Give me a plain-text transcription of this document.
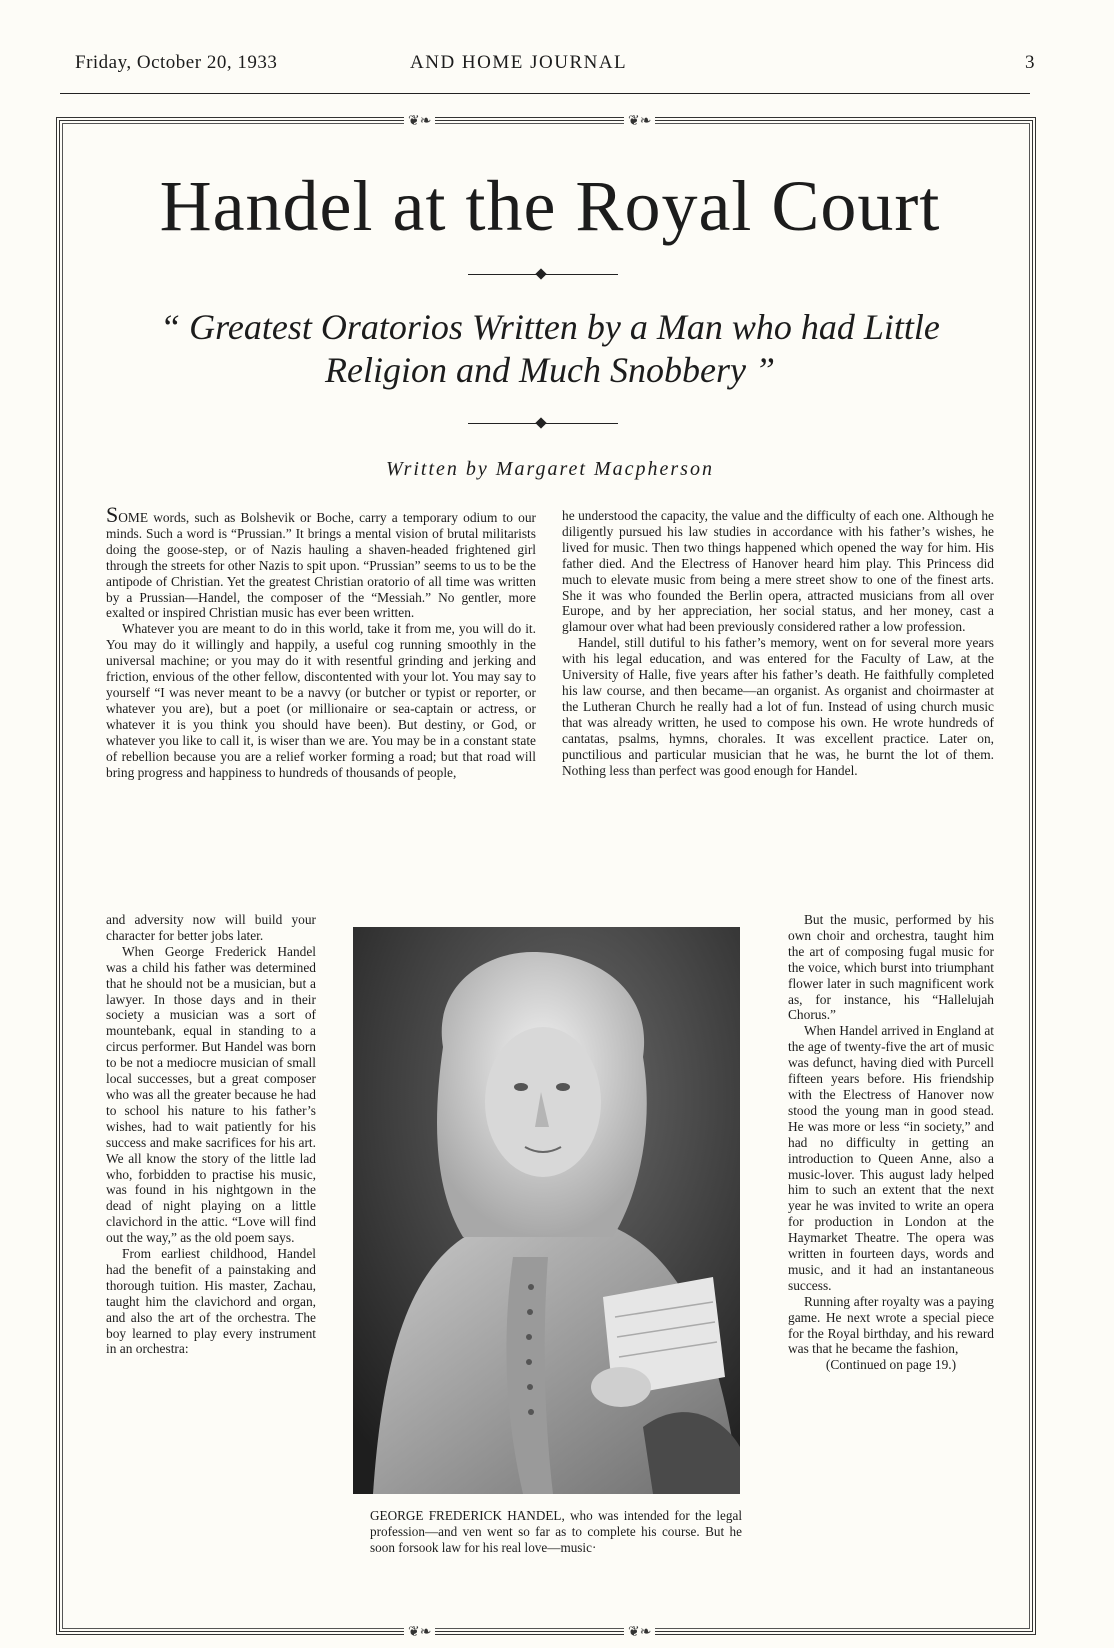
Friday, October 20, 1933	AND HOME JOURNAL	3
❦❧	❦❧
❦❧	❦❧
Handel at the Royal Court

“ Greatest Oratorios Written by a Man who had Little Religion and Much Snobbery ”

Written by Margaret Macpherson

SOME words, such as Bolshevik or Boche, carry a temporary odium to our minds. Such a word is “Prussian.” It brings a mental vision of brutal militarists doing the goose-step, or of Nazis hauling a shaven-headed frightened girl through the streets for other Nazis to spit upon. “Prussian” seems to us to be the antipode of Christian. Yet the greatest Christian oratorio of all time was written by a Prussian—Handel, the composer of the “Messiah.” No gentler, more exalted or inspired Christian music has ever been written.

Whatever you are meant to do in this world, take it from me, you will do it. You may do it willingly and happily, a useful cog running smoothly in the universal machine; or you may do it with resentful grinding and jerking and friction, envious of the other fellow, discontented with your lot. You may say to yourself “I was never meant to be a navvy (or butcher or typist or reporter, or whatever you are), but a poet (or millionaire or sea-captain or actress, or whatever it is you think you should have been). But destiny, or God, or whatever you like to call it, is wiser than we are. You may be in a constant state of rebellion because you are a relief worker forming a road; but that road will bring progress and happiness to hundreds of thousands of people,

and adversity now will build your character for better jobs later.

When George Frederick Handel was a child his father was determined that he should not be a musician, but a lawyer. In those days and in their society a musician was a sort of mountebank, equal in standing to a circus performer. But Handel was born to be not a mediocre musician of small local successes, but a great composer who was all the greater because he had to school his nature to his father’s wishes, had to wait patiently for his success and make sacrifices for his art. We all know the story of the little lad who, forbidden to practise his music, was found in his nightgown in the dead of night playing on a little clavichord in the attic. “Love will find out the way,” as the old poem says.

From earliest childhood, Handel had the benefit of a painstaking and thorough tuition. His master, Zachau, taught him the clavichord and organ, and also the art of the orchestra. The boy learned to play every instrument in an orchestra:

he understood the capacity, the value and the difficulty of each one. Although he diligently pursued his law studies in accordance with his father’s wishes, he lived for music. Then two things happened which opened the way for him. His father died. And the Electress of Hanover heard him play. This Princess did much to elevate music from being a mere street show to one of the finest arts. She it was who founded the Berlin opera, attracted musicians from all over Europe, and by her appreciation, her social status, and her money, cast a glamour over what had been previously considered rather a low profession.

Handel, still dutiful to his father’s memory, went on for several more years with his legal education, and was entered for the Faculty of Law, at the University of Halle, five years after his father’s death. He faithfully completed his law course, and then became—an organist. As organist and choirmaster at the Lutheran Church he really had a lot of fun. Instead of using church music that was already written, he used to compose his own. He wrote hundreds of cantatas, psalms, hymns, chorales. It was excellent practice. Later on, punctilious and particular musician that he was, he burnt the lot of them. Nothing less than perfect was good enough for Handel.

But the music, performed by his own choir and orchestra, taught him the art of composing fugal music for the voice, which burst into triumphant flower later in such magnificent work as, for instance, his “Hallelujah Chorus.”

When Handel arrived in England at the age of twenty-five the art of music was defunct, having died with Purcell fifteen years before. His friendship with the Electress of Hanover now stood the young man in good stead. He was more or less “in society,” and had no difficulty in getting an introduction to Queen Anne, also a music-lover. This august lady helped him to such an extent that the next year he was invited to write an opera for production in London at the Haymarket Theatre. The opera was written in fourteen days, words and music, and it had an instantaneous success.

Running after royalty was a paying game. He next wrote a special piece for the Royal birthday, and his reward was that he became the fashion,

(Continued on page 19.)
GEORGE FREDERICK HANDEL, who was intended for the legal profession—and ven went so far as to complete his course. But he soon forsook law for his real love—music·
